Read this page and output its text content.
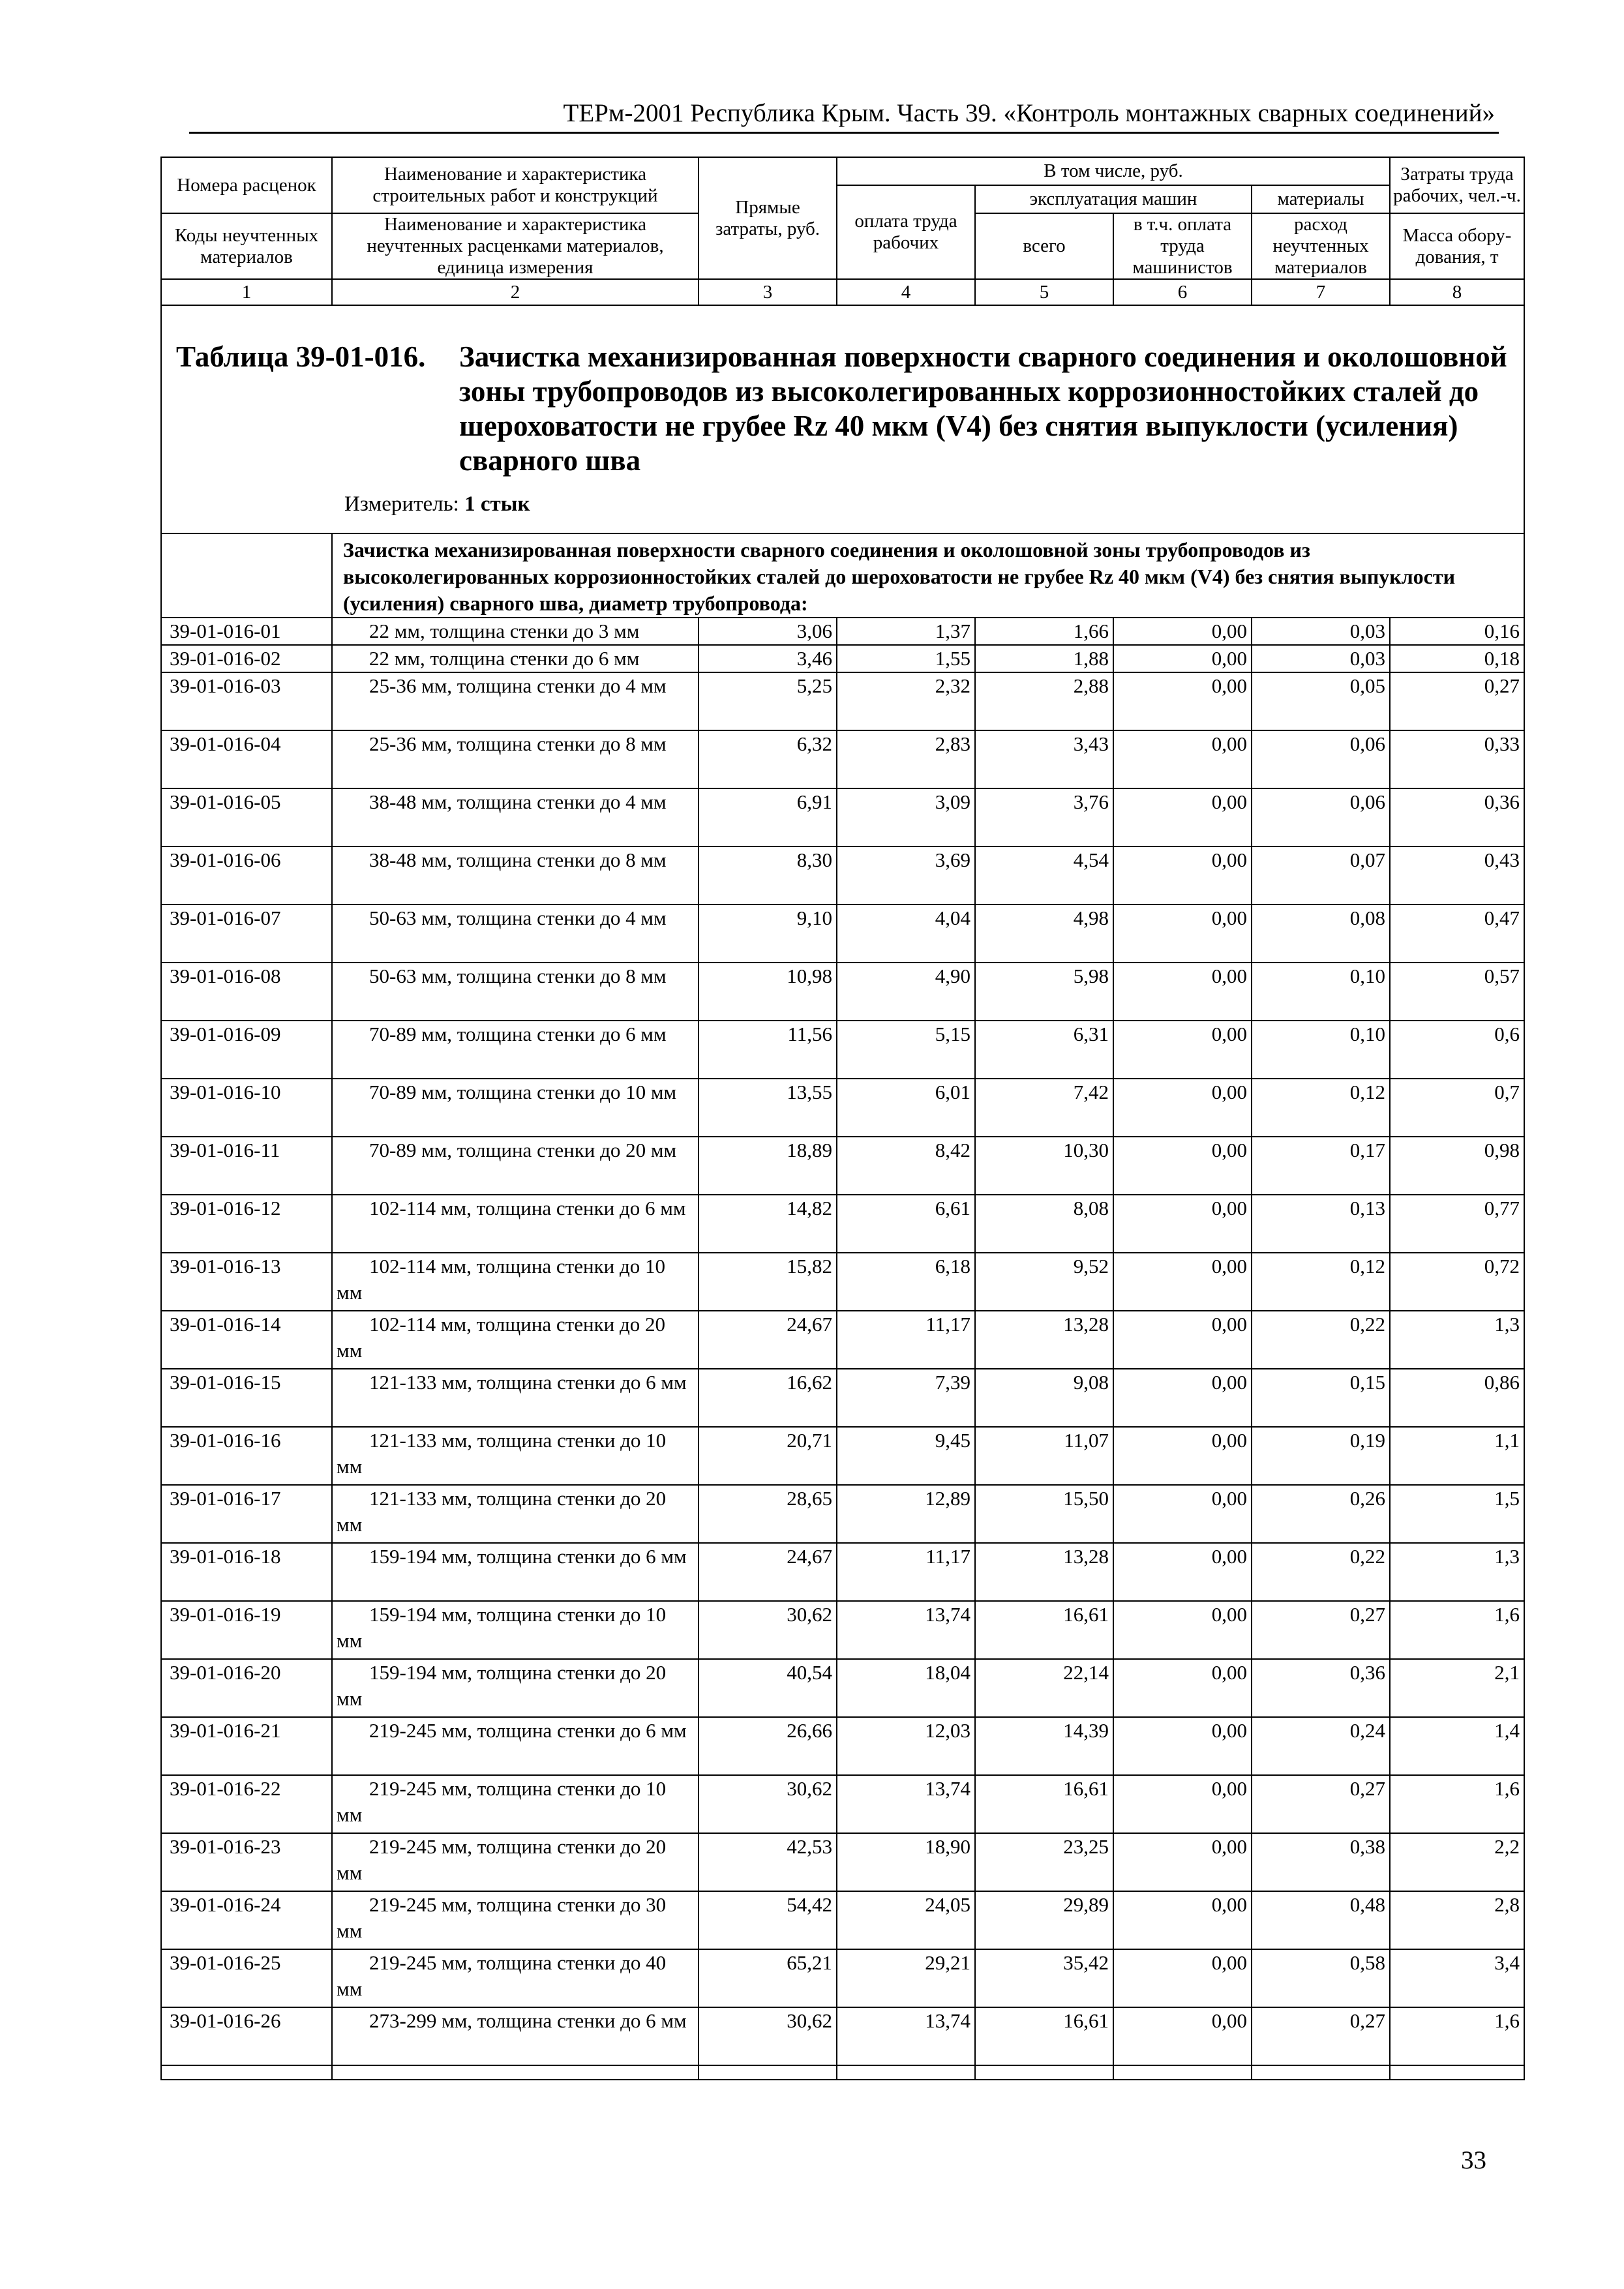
ТЕРм-2001 Республика Крым. Часть 39. «Контроль монтажных сварных соединений»
Номера расценок	Наименование и характеристика строительных работ и конструкций	Прямые затраты, руб.	В том числе, руб.				Затраты труда рабочих, чел.-ч.
			оплата труда рабочих	эксплуатация машин		материалы	
Коды неучтенных материалов	Наименование и характеристика неучтенных расценками материалов, единица измерения			всего	в т.ч. оплата труда машинистов	расход неучтенных материалов	
							Масса обору-дования, т
1	2	3	4	5	6	7	8

Таблица 39-01-016. Зачистка механизированная поверхности сварного соединения и околошовной зоны трубопроводов из высоколегированных коррозионностойких сталей до шероховатости не грубее Rz 40 мкм (V4) без снятия выпуклости (усиления) сварного шва
Измеритель: 1 стык							

	Зачистка механизированная поверхности сварного соединения и околошовной зоны трубопроводов из высоколегированных коррозионностойких сталей до шероховатости не грубее Rz 40 мкм (V4) без снятия выпуклости (усиления) сварного шва, диаметр трубопровода:						
39-01-016-01	22 мм, толщина стенки до 3 мм	3,06	1,37	1,66	0,00	0,03	0,16
39-01-016-02	22 мм, толщина стенки до 6 мм	3,46	1,55	1,88	0,00	0,03	0,18
39-01-016-03	25-36 мм, толщина стенки до 4 мм	5,25	2,32	2,88	0,00	0,05	0,27
39-01-016-04	25-36 мм, толщина стенки до 8 мм	6,32	2,83	3,43	0,00	0,06	0,33
39-01-016-05	38-48 мм, толщина стенки до 4 мм	6,91	3,09	3,76	0,00	0,06	0,36
39-01-016-06	38-48 мм, толщина стенки до 8 мм	8,30	3,69	4,54	0,00	0,07	0,43
39-01-016-07	50-63 мм, толщина стенки до 4 мм	9,10	4,04	4,98	0,00	0,08	0,47
39-01-016-08	50-63 мм, толщина стенки до 8 мм	10,98	4,90	5,98	0,00	0,10	0,57
39-01-016-09	70-89 мм, толщина стенки до 6 мм	11,56	5,15	6,31	0,00	0,10	0,6
39-01-016-10	70-89 мм, толщина стенки до 10 мм	13,55	6,01	7,42	0,00	0,12	0,7
39-01-016-11	70-89 мм, толщина стенки до 20 мм	18,89	8,42	10,30	0,00	0,17	0,98
39-01-016-12	102-114 мм, толщина стенки до 6 мм	14,82	6,61	8,08	0,00	0,13	0,77
39-01-016-13	102-114 мм, толщина стенки до 10 мм	15,82	6,18	9,52	0,00	0,12	0,72
39-01-016-14	102-114 мм, толщина стенки до 20 мм	24,67	11,17	13,28	0,00	0,22	1,3
39-01-016-15	121-133 мм, толщина стенки до 6 мм	16,62	7,39	9,08	0,00	0,15	0,86
39-01-016-16	121-133 мм, толщина стенки до 10 мм	20,71	9,45	11,07	0,00	0,19	1,1
39-01-016-17	121-133 мм, толщина стенки до 20 мм	28,65	12,89	15,50	0,00	0,26	1,5
39-01-016-18	159-194 мм, толщина стенки до 6 мм	24,67	11,17	13,28	0,00	0,22	1,3
39-01-016-19	159-194 мм, толщина стенки до 10 мм	30,62	13,74	16,61	0,00	0,27	1,6
39-01-016-20	159-194 мм, толщина стенки до 20 мм	40,54	18,04	22,14	0,00	0,36	2,1
39-01-016-21	219-245 мм, толщина стенки до 6 мм	26,66	12,03	14,39	0,00	0,24	1,4
39-01-016-22	219-245 мм, толщина стенки до 10 мм	30,62	13,74	16,61	0,00	0,27	1,6
39-01-016-23	219-245 мм, толщина стенки до 20 мм	42,53	18,90	23,25	0,00	0,38	2,2
39-01-016-24	219-245 мм, толщина стенки до 30 мм	54,42	24,05	29,89	0,00	0,48	2,8
39-01-016-25	219-245 мм, толщина стенки до 40 мм	65,21	29,21	35,42	0,00	0,58	3,4
39-01-016-26	273-299 мм, толщина стенки до 6 мм	30,62	13,74	16,61	0,00	0,27	1,6

33
